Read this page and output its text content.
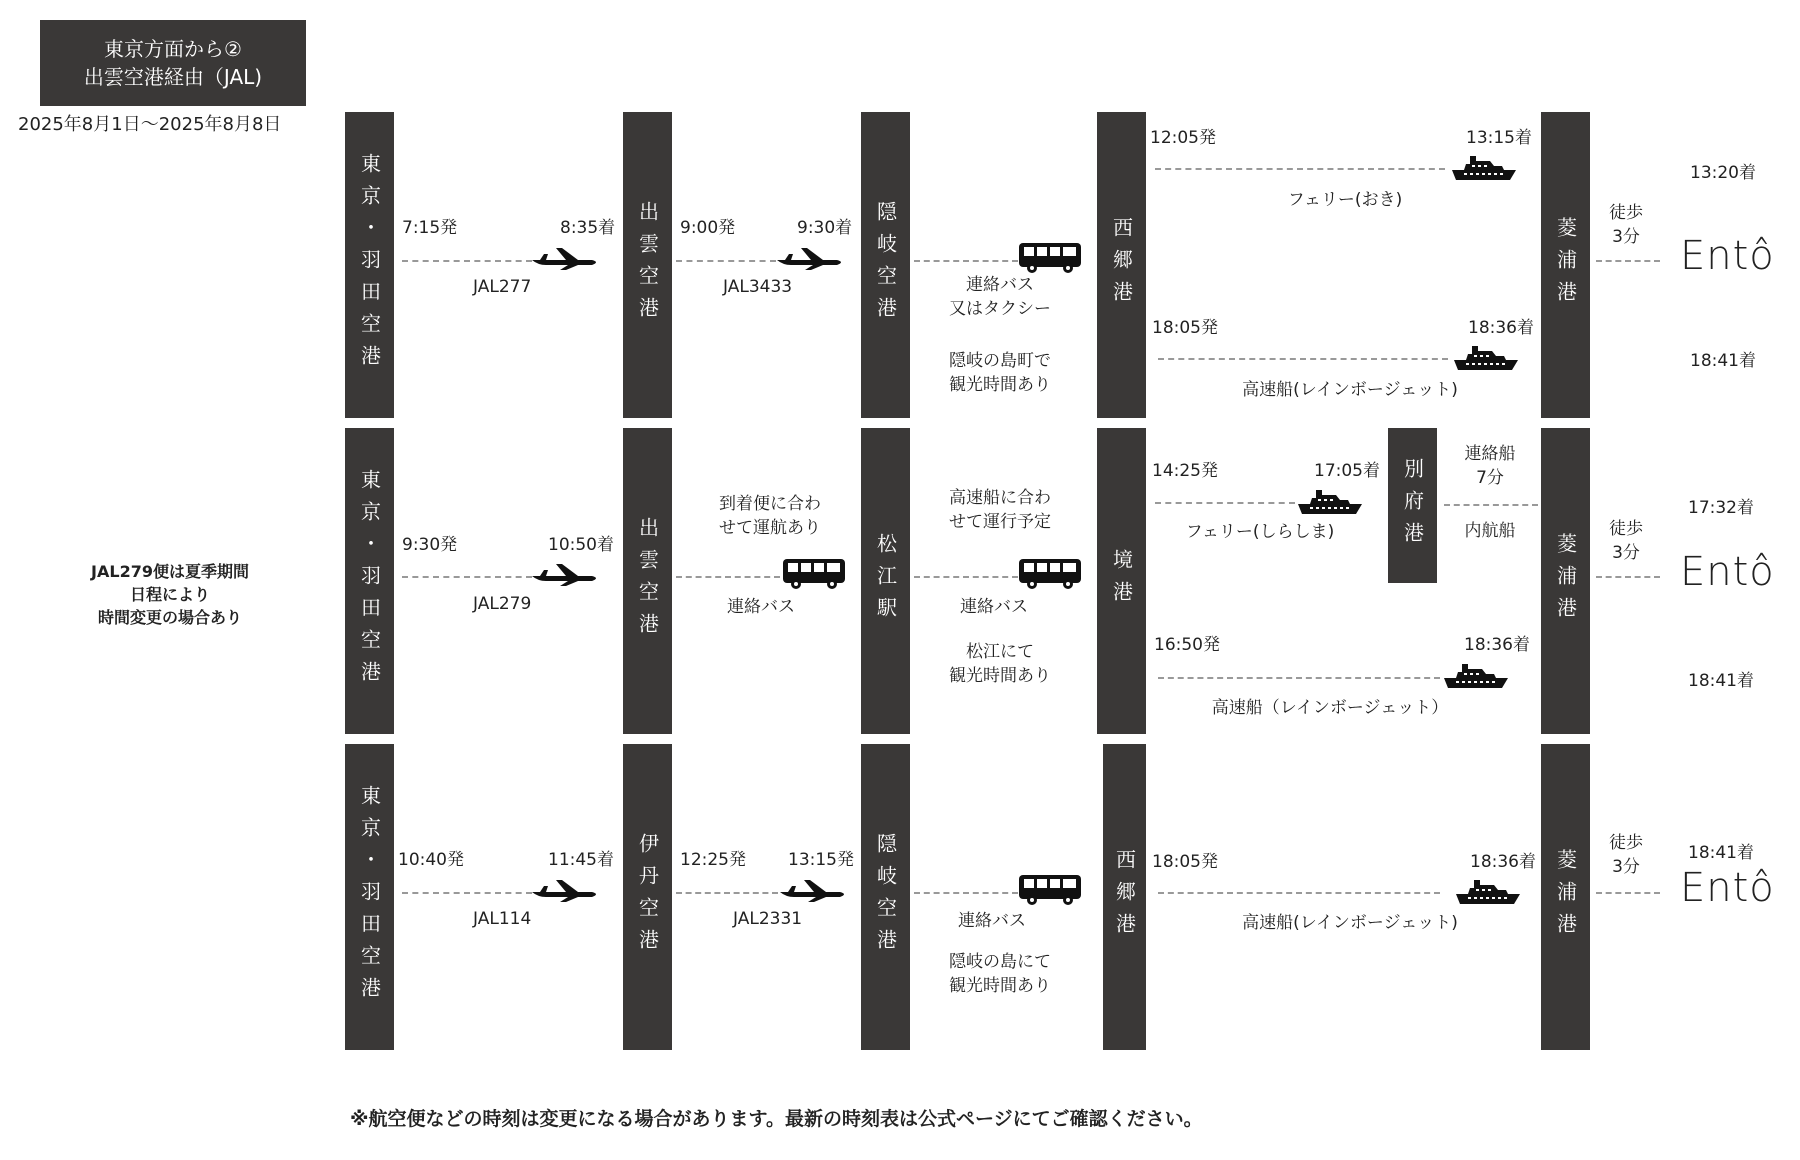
東京方面から②
出雲空港経由（JAL)
2025年8月1日～2025年8月8日
JAL279便は夏季期間
日程により
時間変更の場合あり
東京・羽田空港	出雲空港	隠岐空港	西郷港	菱浦港
7:15発	8:35着
JAL277
9:00発	9:30着
JAL3433	連絡バス
又はタクシー
隠岐の島町で
観光時間あり
12:05発	13:15着
フェリー(おき)
18:05発	18:36着
高速船(レインボージェット)
徒歩
3分
13:20着
Entô
18:41着
東京・羽田空港	出雲空港	松江駅	境港
別府港
菱浦港
9:30発	10:50着
JAL279
到着便に合わ
せて運航あり
連絡バス
高速船に合わ
せて運行予定
連絡バス
松江にて
観光時間あり
14:25発	17:05着
フェリー(しらしま)
連絡船
7分
内航船
16:50発	18:36着
高速船（レインボージェット）
徒歩
3分
17:32着
Entô
18:41着
東京・羽田空港	伊丹空港	隠岐空港	西郷港	菱浦港
10:40発	11:45着
JAL114
12:25発 13:15発
JAL2331	連絡バス
隠岐の島にて
観光時間あり
18:05発	18:36着
高速船(レインボージェット)
徒歩
3分
18:41着
Entô
※航空便などの時刻は変更になる場合があります。最新の時刻表は公式ページにてご確認ください。
